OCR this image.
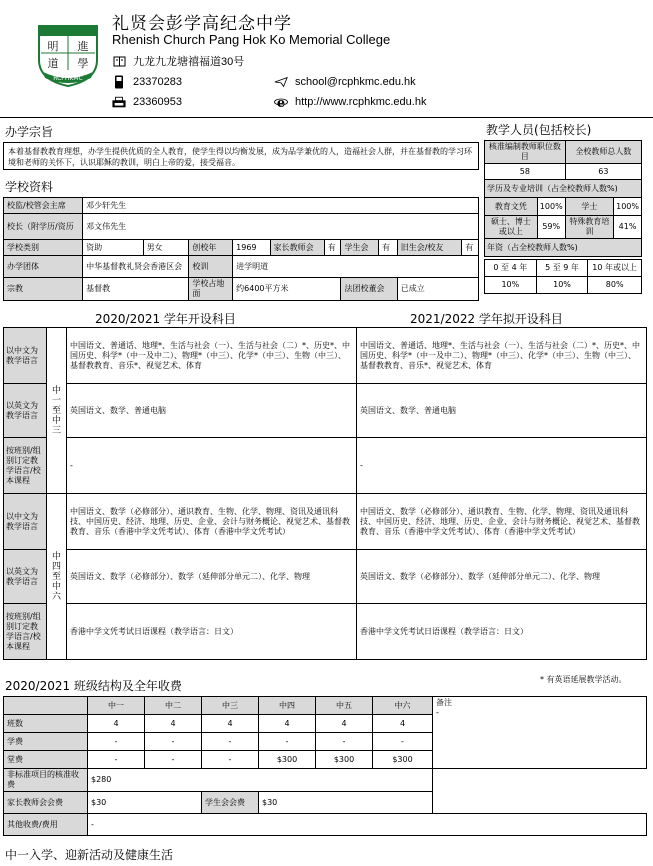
明 進
道 學
RCPHKMC
礼贤会彭学高纪念中学
Rhenish Church Pang Hok Ko Memorial College
九龙九龙塘禧福道30号
23370283	school@rcphkmc.edu.hk
23360953	e http://www.rcphkmc.edu.hk
办学宗旨
本着基督教教育理想，办学生提供优质的全人教育，使学生得以均衡发展，成为品学兼优的人，造福社会人群，并在基督教的学习环境和老师的关怀下，认识耶稣的教训，明白上帝的爱，接受福音。
学校资料
校监/校管会主席	邓少轩先生									
校长（附学历/资历	邓文伟先生									
学校类别	资助	男女	创校年	1969	家长教师会	有	学生会	有	旧生会/校友	有
办学团体	中华基督教礼贤会香港区会		校训	进学明道						
宗教	基督教		学校占地面	约6400平方米			法团校董会		已成立	
教学人员(包括校长)
核准编制教师职位数目		全校教师总人数	
58		63	
学历及专业培训（占全校教师人数%)			
教育文凭	100%	学士	100%
硕士、博士或以上	59%	特殊教育培训	41%
年资（占全校教师人数%)			
0 至 4 年	5 至 9 年	10 年或以上
10%	10%	80%
2020/2021 学年开设科目	2021/2022 学年拟开设科目
以中文为教学语言	中一至中三	中国语文、普通话、地理*、生活与社会（一）、生活与社会（二）*、历史*、中国历史、科学*（中一及中二）、物理*（中三）、化学*（中三）、生物（中三）、基督教教育、音乐*、视觉艺术、体育	中国语文、普通话、地理*、生活与社会（一）、生活与社会（二）*、历史*、中国历史、科学*（中一及中二）、物理*（中三）、化学*（中三）、生物（中三）、基督教教育、音乐*、视觉艺术、体育
以英文为教学语言		英国语文、数学、普通电脑	英国语文、数学、普通电脑
按班别/组别订定教学语言/校本课程		-	-
以中文为教学语言	中四至中六	中国语文、数学（必修部分）、通识教育、生物、化学、物理、资讯及通讯科技、中国历史、经济、地理、历史、企业、会计与财务概论、视觉艺术、基督教教育、音乐（香港中学文凭考试）、体育（香港中学文凭考试）	中国语文、数学（必修部分）、通识教育、生物、化学、物理、资讯及通讯科技、中国历史、经济、地理、历史、企业、会计与财务概论、视觉艺术、基督教教育、音乐（香港中学文凭考试）、体育（香港中学文凭考试）
以英文为教学语言		英国语文、数学（必修部分）、数学（延伸部分单元二）、化学、物理	英国语文、数学（必修部分）、数学（延伸部分单元二）、化学、物理
按班别/组别订定教学语言/校本课程		香港中学文凭考试日语课程（教学语言：日文）	香港中学文凭考试日语课程（教学语言：日文）
2020/2021 班级结构及全年收费	* 有英语延展教学活动。
	中一	中二	中三	中四	中五	中六	备注
-

班数	4	4	4	4	4	4	
学费	-	-	-	-	-	-	
堂费	-	-	-	$300	$300	$300	
非标准项目的核准收费	$280						
家长教师会会费	$30		学生会会费	$30			
其他收费/费用	-						
中一入学、迎新活动及健康生活
